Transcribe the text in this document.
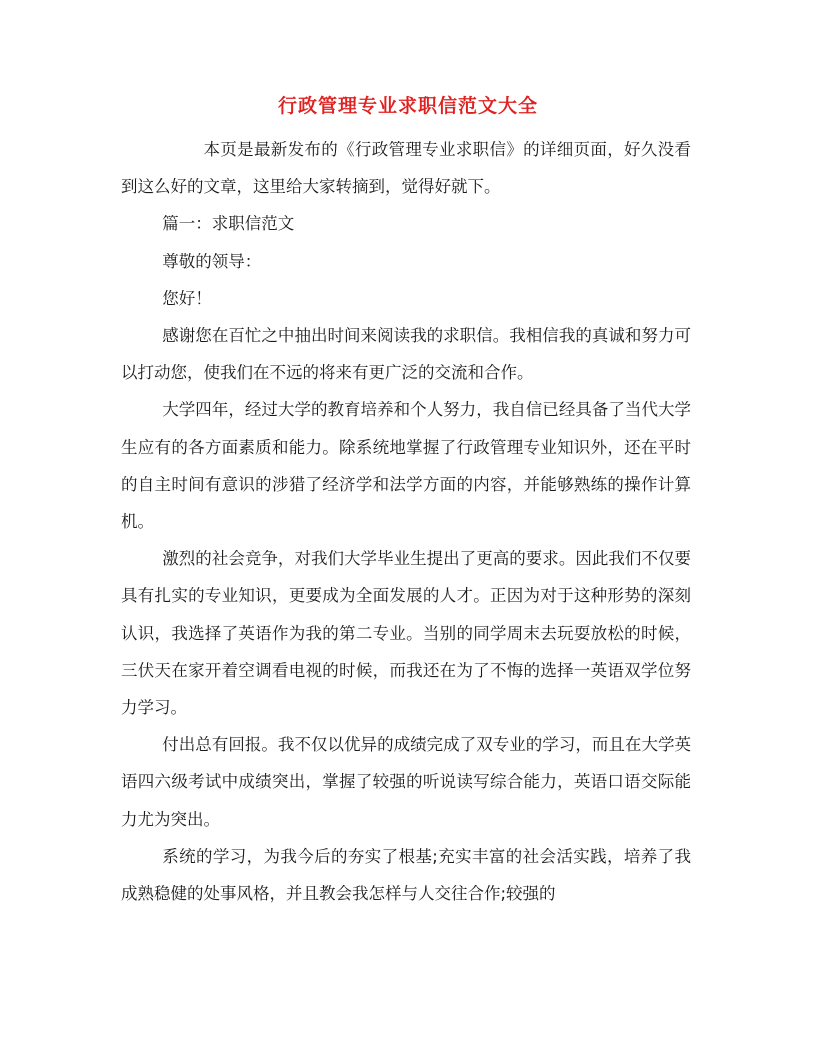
行政管理专业求职信范文大全

本页是最新发布的《行政管理专业求职信》的详细页面，好久没看到这么好的文章，这里给大家转摘到，觉得好就下。

篇一：求职信范文

尊敬的领导：

您好！

感谢您在百忙之中抽出时间来阅读我的求职信。我相信我的真诚和努力可以打动您，使我们在不远的将来有更广泛的交流和合作。

大学四年，经过大学的教育培养和个人努力，我自信已经具备了当代大学生应有的各方面素质和能力。除系统地掌握了行政管理专业知识外，还在平时的自主时间有意识的涉猎了经济学和法学方面的内容，并能够熟练的操作计算机。

激烈的社会竞争，对我们大学毕业生提出了更高的要求。因此我们不仅要具有扎实的专业知识，更要成为全面发展的人才。正因为对于这种形势的深刻认识，我选择了英语作为我的第二专业。当别的同学周末去玩耍放松的时候，三伏天在家开着空调看电视的时候，而我还在为了不悔的选择一英语双学位努力学习。

付出总有回报。我不仅以优异的成绩完成了双专业的学习，而且在大学英语四六级考试中成绩突出，掌握了较强的听说读写综合能力，英语口语交际能力尤为突出。

系统的学习，为我今后的夯实了根基;充实丰富的社会活实践，培养了我成熟稳健的处事风格，并且教会我怎样与人交往合作;较强的
